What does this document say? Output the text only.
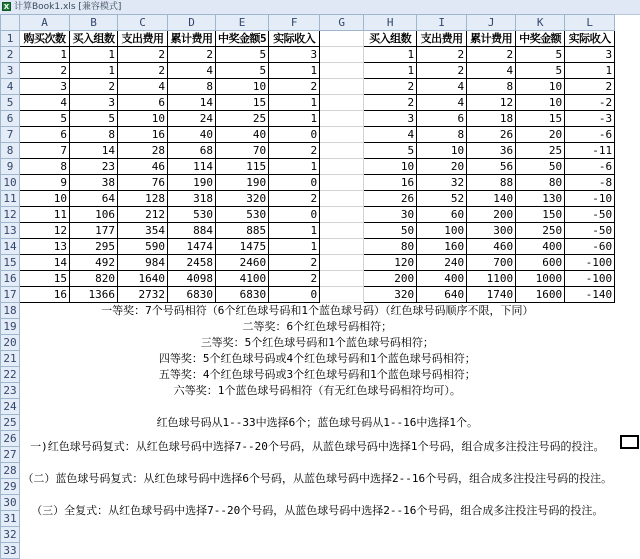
X 计算Book1.xls [兼容模式]
	A	B	C	D	E	F	G	H	I	J	K	L
1	购买次数	买入组数	支出费用	累计费用	中奖金额5	实际收入		买入组数	支出费用	累计费用	中奖金额	实际收入
2	1	1	2	2	5	3		1	2	2	5	3
3	2	1	2	4	5	1		1	2	4	5	1
4	3	2	4	8	10	2		2	4	8	10	2
5	4	3	6	14	15	1		2	4	12	10	-2
6	5	5	10	24	25	1		3	6	18	15	-3
7	6	8	16	40	40	0		4	8	26	20	-6
8	7	14	28	68	70	2		5	10	36	25	-11
9	8	23	46	114	115	1		10	20	56	50	-6
10	9	38	76	190	190	0		16	32	88	80	-8
11	10	64	128	318	320	2		26	52	140	130	-10
12	11	106	212	530	530	0		30	60	200	150	-50
13	12	177	354	884	885	1		50	100	300	250	-50
14	13	295	590	1474	1475	1		80	160	460	400	-60
15	14	492	984	2458	2460	2		120	240	700	600	-100
16	15	820	1640	4098	4100	2		200	400	1100	1000	-100
17	16	1366	2732	6830	6830	0		320	640	1740	1600	-140
18	一等奖：7个号码相符（6个红色球号码和1个蓝色球号码）（红色球号码顺序不限，下同）											
19	二等奖：6个红色球号码相符；											
20	三等奖：5个红色球号码和1个蓝色球号码相符；											
21	四等奖：5个红色球号码或4个红色球号码和1个蓝色球号码相符；											
22	五等奖：4个红色球号码或3个红色球号码和1个蓝色球号码相符；											
23	六等奖：1个蓝色球号码相符（有无红色球号码相符均可）。											
24												
25	红色球号码从1--33中选择6个；蓝色球号码从1--16中选择1个。											
26	一)红色球号码复式：从红色球号码中选择7--20个号码，从蓝色球号码中选择1个号码，组合成多注投注号码的投注。											
27												
28	（二）蓝色球号码复式：从红色球号码中选择6个号码，从蓝色球号码中选择2--16个号码，组合成多注投注号码的投注。											
29												
30	（三）全复式：从红色球号码中选择7--20个号码，从蓝色球号码中选择2--16个号码，组合成多注投注号码的投注。											
31												
32												
33												
